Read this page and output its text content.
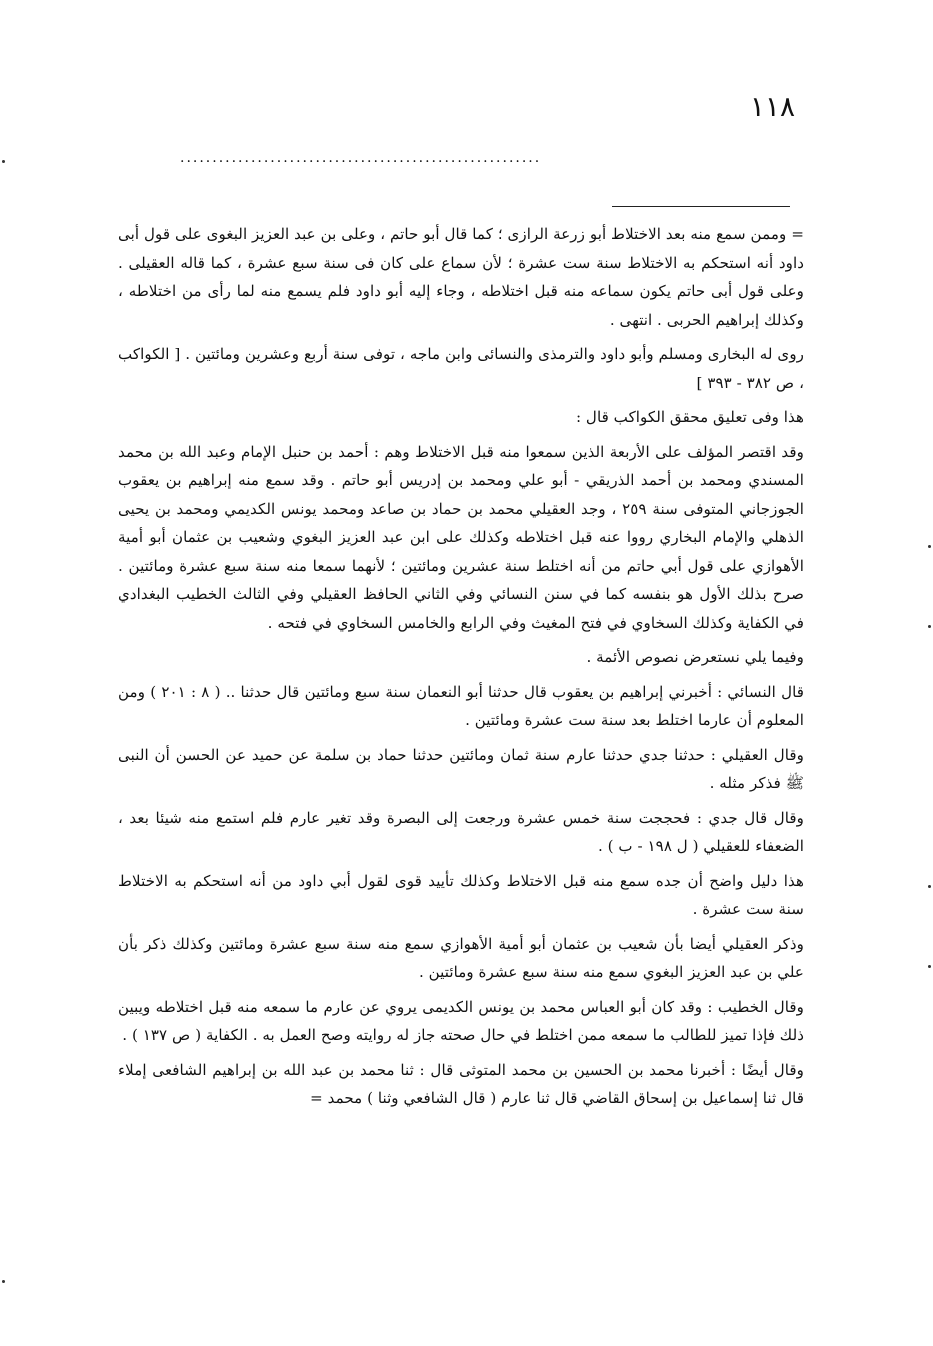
١١٨
........................................................

= وممن سمع منه بعد الاختلاط أبو زرعة الرازى ؛ كما قال أبو حاتم ، وعلى بن عبد العزيز البغوى على قول أبى داود أنه استحكم به الاختلاط سنة ست عشرة ؛ لأن سماع على كان فى سنة سبع عشرة ، كما قاله العقيلى . وعلى قول أبى حاتم يكون سماعه منه قبل اختلاطه ، وجاء إليه أبو داود فلم يسمع منه لما رأى من اختلاطه ، وكذلك إبراهيم الحربى . انتهى .

روى له البخارى ومسلم وأبو داود والترمذى والنسائى وابن ماجه ، توفى سنة أربع وعشرين ومائتين . [ الكواكب ، ص ٣٨٢ - ٣٩٣ ]

هذا وفى تعليق محقق الكواكب قال :

وقد اقتصر المؤلف على الأربعة الذين سمعوا منه قبل الاختلاط وهم : أحمد بن حنبل الإمام وعبد الله بن محمد المسندي ومحمد بن أحمد الذريقي - أبو علي ومحمد بن إدريس أبو حاتم . وقد سمع منه إبراهيم بن يعقوب الجوزجاني المتوفى سنة ٢٥٩ ، وجد العقيلي محمد بن حماد بن صاعد ومحمد يونس الكديمي ومحمد بن يحيى الذهلي والإمام البخاري رووا عنه قبل اختلاطه وكذلك على ابن عبد العزيز البغوي وشعيب بن عثمان أبو أمية الأهوازي على قول أبي حاتم من أنه اختلط سنة عشرين ومائتين ؛ لأنهما سمعا منه سنة سبع عشرة ومائتين . صرح بذلك الأول هو بنفسه كما في سنن النسائي وفي الثاني الحافظ العقيلي وفي الثالث الخطيب البغدادي في الكفاية وكذلك السخاوي في فتح المغيث وفي الرابع والخامس السخاوي في فتحه .

وفيما يلي نستعرض نصوص الأئمة .

قال النسائي : أخبرني إبراهيم بن يعقوب قال حدثنا أبو النعمان سنة سبع ومائتين قال حدثنا .. ( ٨ : ٢٠١ ) ومن المعلوم أن عارما اختلط بعد سنة ست عشرة ومائتين .

وقال العقيلي : حدثنا جدي حدثنا عارم سنة ثمان ومائتين حدثنا حماد بن سلمة عن حميد عن الحسن أن النبى ﷺ فذكر مثله .

وقال قال جدي : فحججت سنة خمس عشرة ورجعت إلى البصرة وقد تغير عارم فلم استمع منه شيئا بعد ، الضعفاء للعقيلي ( ل ١٩٨ - ب ) .

هذا دليل واضح أن جده سمع منه قبل الاختلاط وكذلك تأييد قوى لقول أبي داود من أنه استحكم به الاختلاط سنة ست عشرة .

وذكر العقيلي أيضا بأن شعيب بن عثمان أبو أمية الأهوازي سمع منه سنة سبع عشرة ومائتين وكذلك ذكر بأن علي بن عبد العزيز البغوي سمع منه سنة سبع عشرة ومائتين .

وقال الخطيب : وقد كان أبو العباس محمد بن يونس الكديمى يروي عن عارم ما سمعه منه قبل اختلاطه ويبين ذلك فإذا تميز للطالب ما سمعه ممن اختلط في حال صحته جاز له روايته وصح العمل به . الكفاية ( ص ١٣٧ ) .

وقال أيضًا : أخبرنا محمد بن الحسين بن محمد المتوثى قال : ثنا محمد بن عبد الله بن إبراهيم الشافعى إملاء قال ثنا إسماعيل بن إسحاق القاضي قال ثنا عارم ( قال الشافعي وثنا ) محمد =
